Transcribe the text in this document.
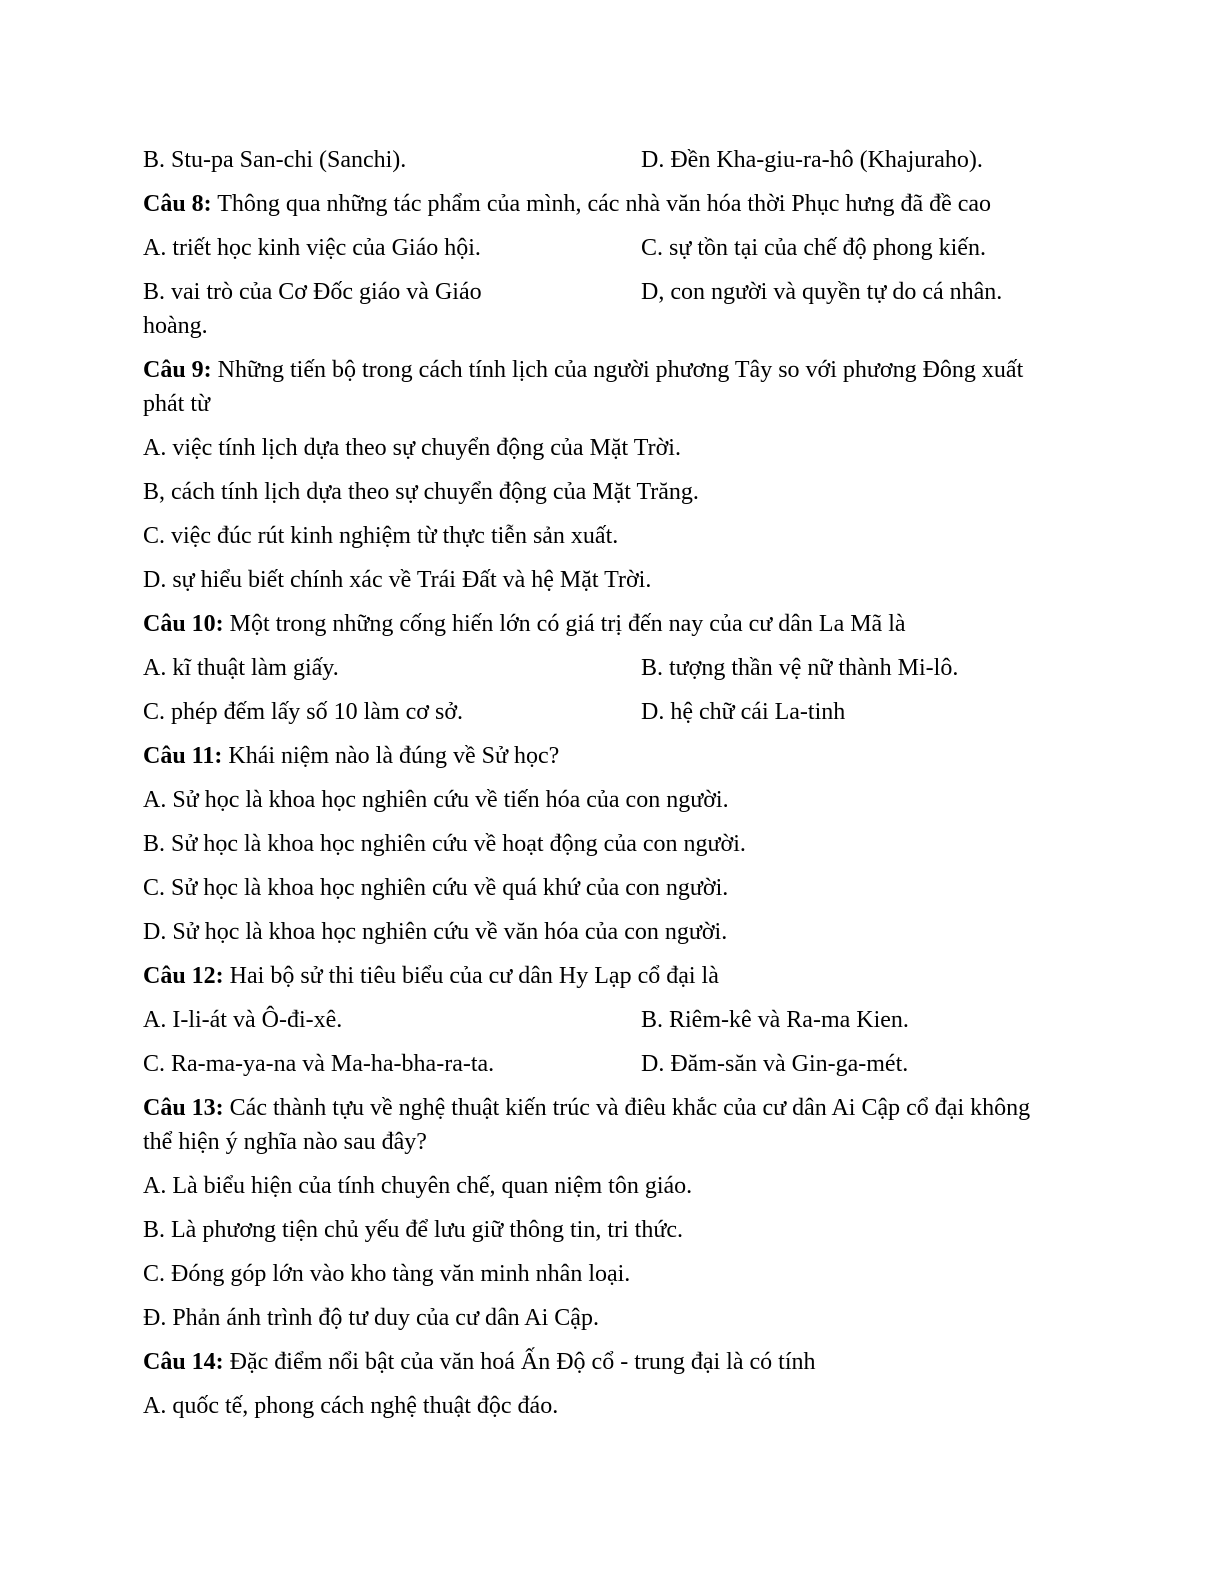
B. Stu-pa San-chi (Sanchi).	D. Đền Kha-giu-ra-hô (Khajuraho).
Câu 8: Thông qua những tác phẩm của mình, các nhà văn hóa thời Phục hưng đã đề cao
A. triết học kinh việc của Giáo hội.	C. sự tồn tại của chế độ phong kiến.
B. vai trò của Cơ Đốc giáo và Giáo hoàng.
D, con người và quyền tự do cá nhân.
Câu 9: Những tiến bộ trong cách tính lịch của người phương Tây so với phương Đông xuất phát từ
A. việc tính lịch dựa theo sự chuyển động của Mặt Trời.
B, cách tính lịch dựa theo sự chuyển động của Mặt Trăng.
C. việc đúc rút kinh nghiệm từ thực tiễn sản xuất.
D. sự hiểu biết chính xác về Trái Đất và hệ Mặt Trời.
Câu 10: Một trong những cống hiến lớn có giá trị đến nay của cư dân La Mã là
A. kĩ thuật làm giấy.	B. tượng thần vệ nữ thành Mi-lô.
C. phép đếm lấy số 10 làm cơ sở.	D. hệ chữ cái La-tinh
Câu 11: Khái niệm nào là đúng về Sử học?
A. Sử học là khoa học nghiên cứu về tiến hóa của con người.
B. Sử học là khoa học nghiên cứu về hoạt động của con người.
C. Sử học là khoa học nghiên cứu về quá khứ của con người.
D. Sử học là khoa học nghiên cứu về văn hóa của con người.
Câu 12: Hai bộ sử thi tiêu biểu của cư dân Hy Lạp cổ đại là
A. I-li-át và Ô-đi-xê.	B. Riêm-kê và Ra-ma Kien.
C. Ra-ma-ya-na và Ma-ha-bha-ra-ta.	D. Đăm-săn và Gin-ga-mét.
Câu 13: Các thành tựu về nghệ thuật kiến trúc và điêu khắc của cư dân Ai Cập cổ đại không thể hiện ý nghĩa nào sau đây?
A. Là biểu hiện của tính chuyên chế, quan niệm tôn giáo.
B. Là phương tiện chủ yếu để lưu giữ thông tin, tri thức.
C. Đóng góp lớn vào kho tàng văn minh nhân loại.
Đ. Phản ánh trình độ tư duy của cư dân Ai Cập.
Câu 14: Đặc điểm nổi bật của văn hoá Ấn Độ cổ - trung đại là có tính
A. quốc tế, phong cách nghệ thuật độc đáo.
